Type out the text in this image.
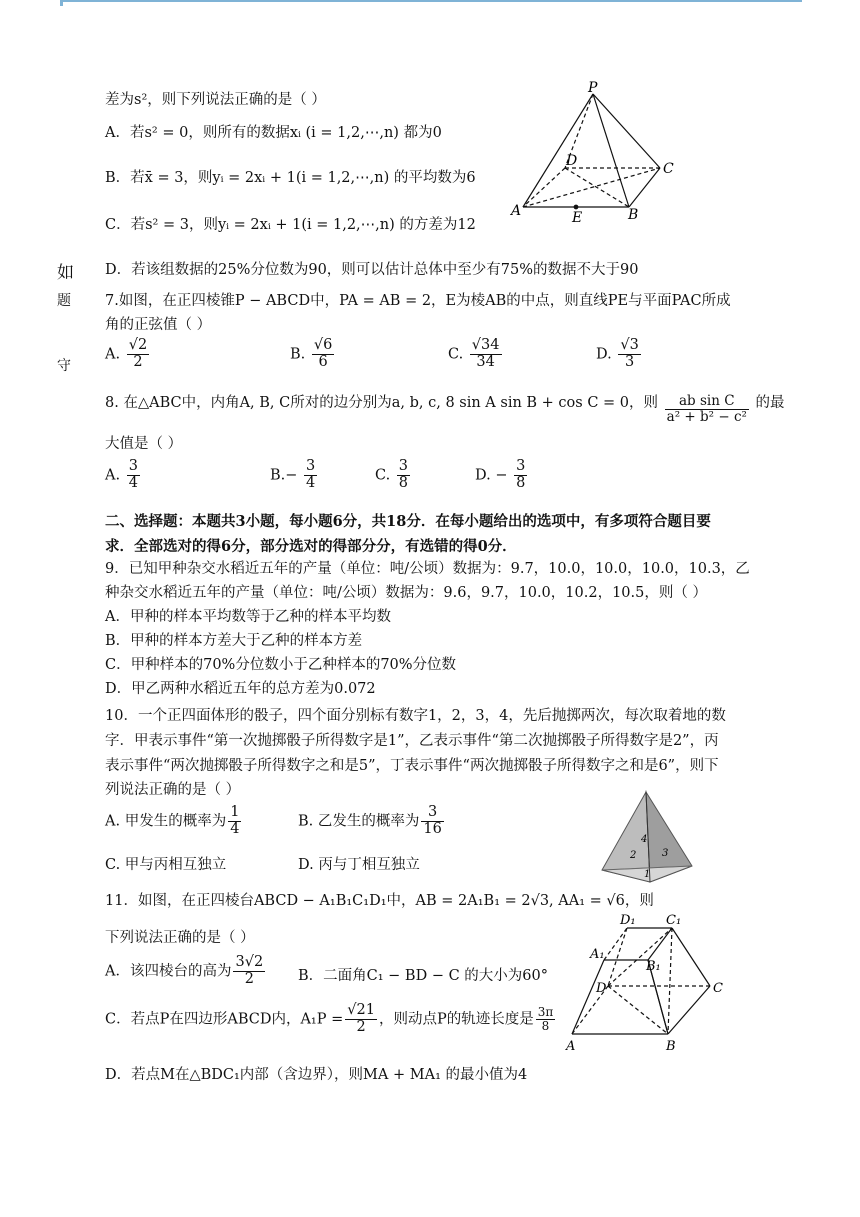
如
题
守
差为s²，则下列说法正确的是（ ）
A．若s² = 0，则所有的数据xᵢ (i = 1,2,⋯,n) 都为0
B．若x̄ = 3，则yᵢ = 2xᵢ + 1(i = 1,2,⋯,n) 的平均数为6
C．若s² = 3，则yᵢ = 2xᵢ + 1(i = 1,2,⋯,n) 的方差为12
D．若该组数据的25%分位数为90，则可以估计总体中至少有75%的数据不大于90
P
D	C
A	E	B
7.如图，在正四棱锥P − ABCD中，PA = AB = 2，E为棱AB的中点，则直线PE与平面PAC所成
角的正弦值（ ）
A. $\frac{√2}{2}$	B. $\frac{√6}{6}$	C. $\frac{√34}{34}$	D. $\frac{√3}{3}$
8. 在△ABC中，内角A, B, C所对的边分别为a, b, c, 8 sin A sin B + cos C = 0，则 $\frac{\text{ab sin C}}{\text{a² + b² − c²}}$ 的最
大值是（ ）
A. $\frac{3}{4}$	$B.- \frac{3}{4}$	C. $\frac{3}{8}$	D. − $\frac{3}{8}$
二、选择题：本题共3小题，每小题6分，共18分．在每小题给出的选项中，有多项符合题目要
求．全部选对的得6分，部分选对的得部分分，有选错的得0分．
9．已知甲种杂交水稻近五年的产量（单位：吨/公顷）数据为：9.7，10.0，10.0，10.0，10.3，乙
种杂交水稻近五年的产量（单位：吨/公顷）数据为：9.6，9.7，10.0，10.2，10.5，则（ ）
A．甲种的样本平均数等于乙种的样本平均数
B．甲种的样本方差大于乙种的样本方差
C．甲种样本的70%分位数小于乙种样本的70%分位数
D．甲乙两种水稻近五年的总方差为0.072
10．一个正四面体形的骰子，四个面分别标有数字1，2，3，4，先后抛掷两次，每次取着地的数
字．甲表示事件“第一次抛掷骰子所得数字是1”，乙表示事件“第二次抛掷骰子所得数字是2”，丙
表示事件“两次抛掷骰子所得数字之和是5”，丁表示事件“两次抛掷骰子所得数字之和是6”，则下
列说法正确的是（ ）
A. 甲发生的概率为 $\frac{1}{4}$	B. 乙发生的概率为 $\frac{3}{16}$
C. 甲与丙相互独立	D. 丙与丁相互独立
4
2	3
1
11．如图，在正四棱台ABCD − A₁B₁C₁D₁中，AB = 2A₁B₁ = 2√3, AA₁ = √6，则
下列说法正确的是（ ）
A．该四棱台的高为 $\frac{3√2}{2}$ B．二面角C₁ − BD − C 的大小为60°
C．若点P在四边形ABCD内，$A_1P = \frac{√21}{2}$ ，则动点P的轨迹长度是 $\frac{3\pi}{8}$
D．若点M在△BDC₁内部（含边界），则MA + MA₁ 的最小值为4
D₁ C₁
A₁
B₁
D	C
A	B
